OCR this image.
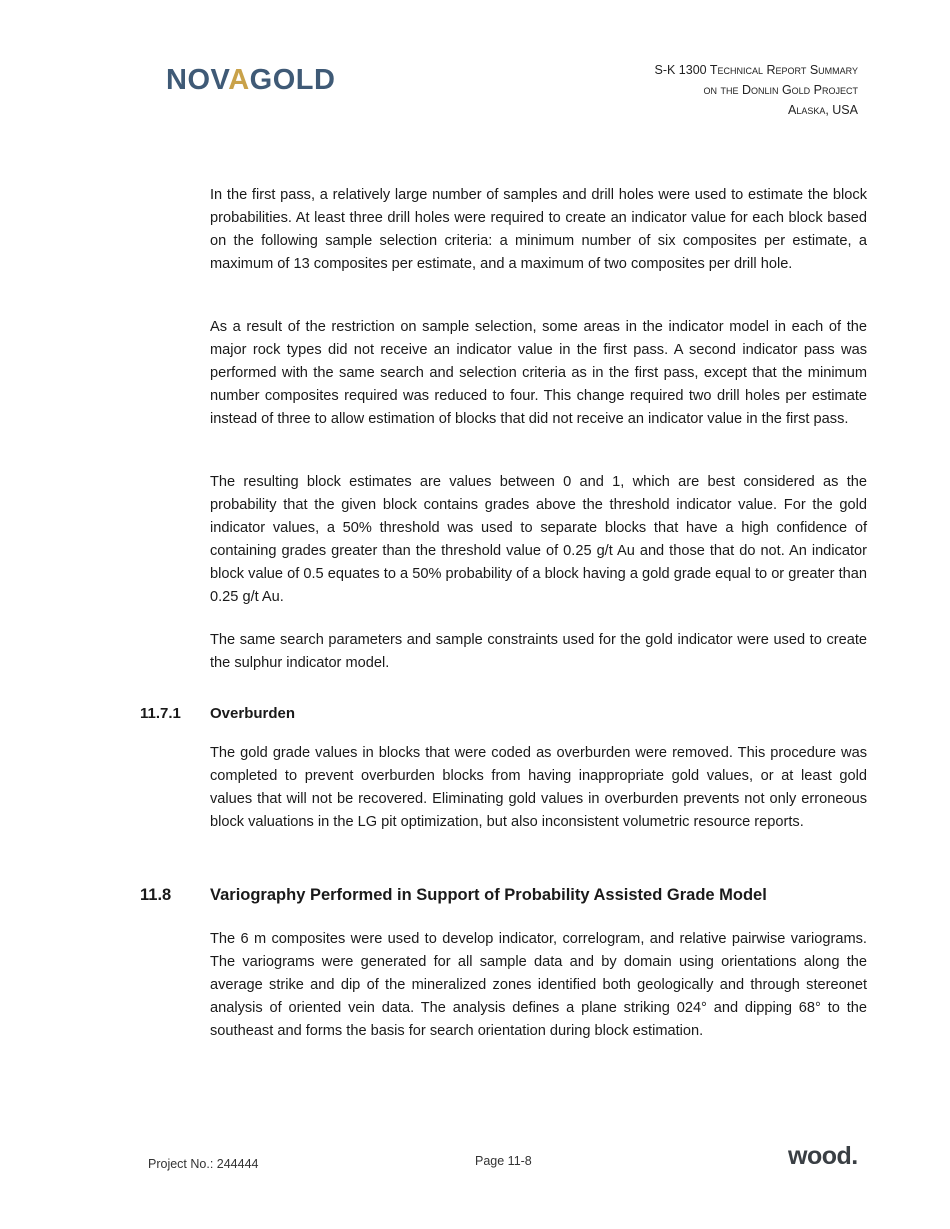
NOVAGOLD	S-K 1300 Technical Report Summary
on the Donlin Gold Project
Alaska, USA
In the first pass, a relatively large number of samples and drill holes were used to estimate the block probabilities. At least three drill holes were required to create an indicator value for each block based on the following sample selection criteria: a minimum number of six composites per estimate, a maximum of 13 composites per estimate, and a maximum of two composites per drill hole.
As a result of the restriction on sample selection, some areas in the indicator model in each of the major rock types did not receive an indicator value in the first pass. A second indicator pass was performed with the same search and selection criteria as in the first pass, except that the minimum number composites required was reduced to four. This change required two drill holes per estimate instead of three to allow estimation of blocks that did not receive an indicator value in the first pass.
The resulting block estimates are values between 0 and 1, which are best considered as the probability that the given block contains grades above the threshold indicator value. For the gold indicator values, a 50% threshold was used to separate blocks that have a high confidence of containing grades greater than the threshold value of 0.25 g/t Au and those that do not. An indicator block value of 0.5 equates to a 50% probability of a block having a gold grade equal to or greater than 0.25 g/t Au.
The same search parameters and sample constraints used for the gold indicator were used to create the sulphur indicator model.
11.7.1 Overburden
The gold grade values in blocks that were coded as overburden were removed. This procedure was completed to prevent overburden blocks from having inappropriate gold values, or at least gold values that will not be recovered. Eliminating gold values in overburden prevents not only erroneous block valuations in the LG pit optimization, but also inconsistent volumetric resource reports.
11.8 Variography Performed in Support of Probability Assisted Grade Model
The 6 m composites were used to develop indicator, correlogram, and relative pairwise variograms. The variograms were generated for all sample data and by domain using orientations along the average strike and dip of the mineralized zones identified both geologically and through stereonet analysis of oriented vein data. The analysis defines a plane striking 024° and dipping 68° to the southeast and forms the basis for search orientation during block estimation.
Project No.: 244444	Page 11-8	wood.
